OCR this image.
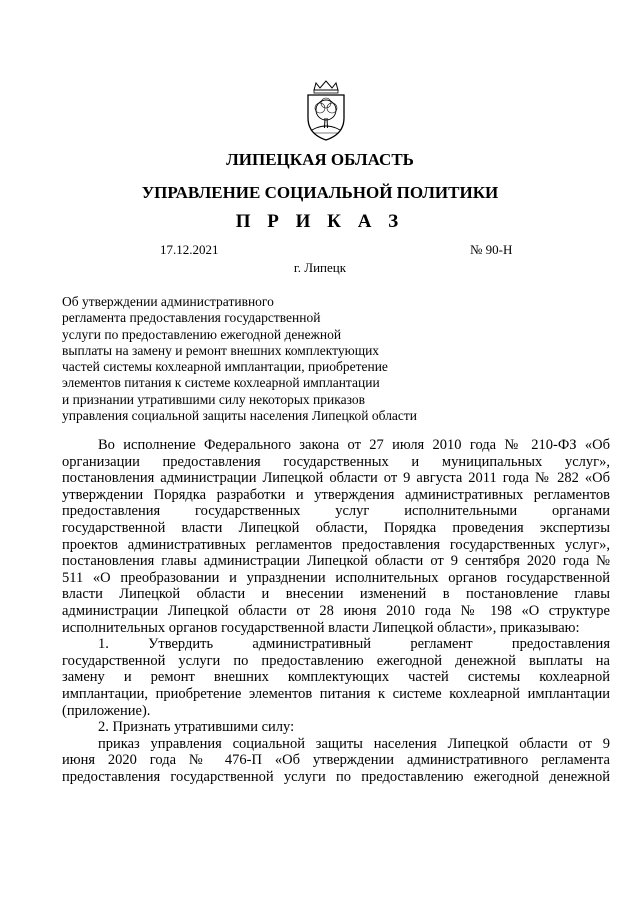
ЛИПЕЦКАЯ ОБЛАСТЬ
УПРАВЛЕНИЕ СОЦИАЛЬНОЙ ПОЛИТИКИ
П Р И К А З
17.12.2021	№ 90-Н
г. Липецк
Об утверждении административного
регламента предоставления государственной
услуги по предоставлению ежегодной денежной
выплаты на замену и ремонт внешних комплектующих
частей системы кохлеарной имплантации, приобретение
элементов питания к системе кохлеарной имплантации
и признании утратившими силу некоторых приказов
управления социальной защиты населения Липецкой области
Во исполнение Федерального закона от 27 июля 2010 года № 210-ФЗ «Об
организации предоставления государственных и муниципальных услуг»,
постановления администрации Липецкой области от 9 августа 2011 года № 282 «Об
утверждении Порядка разработки и утверждения административных регламентов
предоставления государственных услуг исполнительными органами
государственной власти Липецкой области, Порядка проведения экспертизы
проектов административных регламентов предоставления государственных услуг»,
постановления главы администрации Липецкой области от 9 сентября 2020 года №
511 «О преобразовании и упразднении исполнительных органов государственной
власти Липецкой области и внесении изменений в постановление главы
администрации Липецкой области от 28 июня 2010 года № 198 «О структуре
исполнительных органов государственной власти Липецкой области», приказываю:
1. Утвердить административный регламент предоставления
государственной услуги по предоставлению ежегодной денежной выплаты на
замену и ремонт внешних комплектующих частей системы кохлеарной
имплантации, приобретение элементов питания к системе кохлеарной имплантации
(приложение).
2. Признать утратившими силу:
приказ управления социальной защиты населения Липецкой области от 9
июня 2020 года № 476-П «Об утверждении административного регламента
предоставления государственной услуги по предоставлению ежегодной денежной
